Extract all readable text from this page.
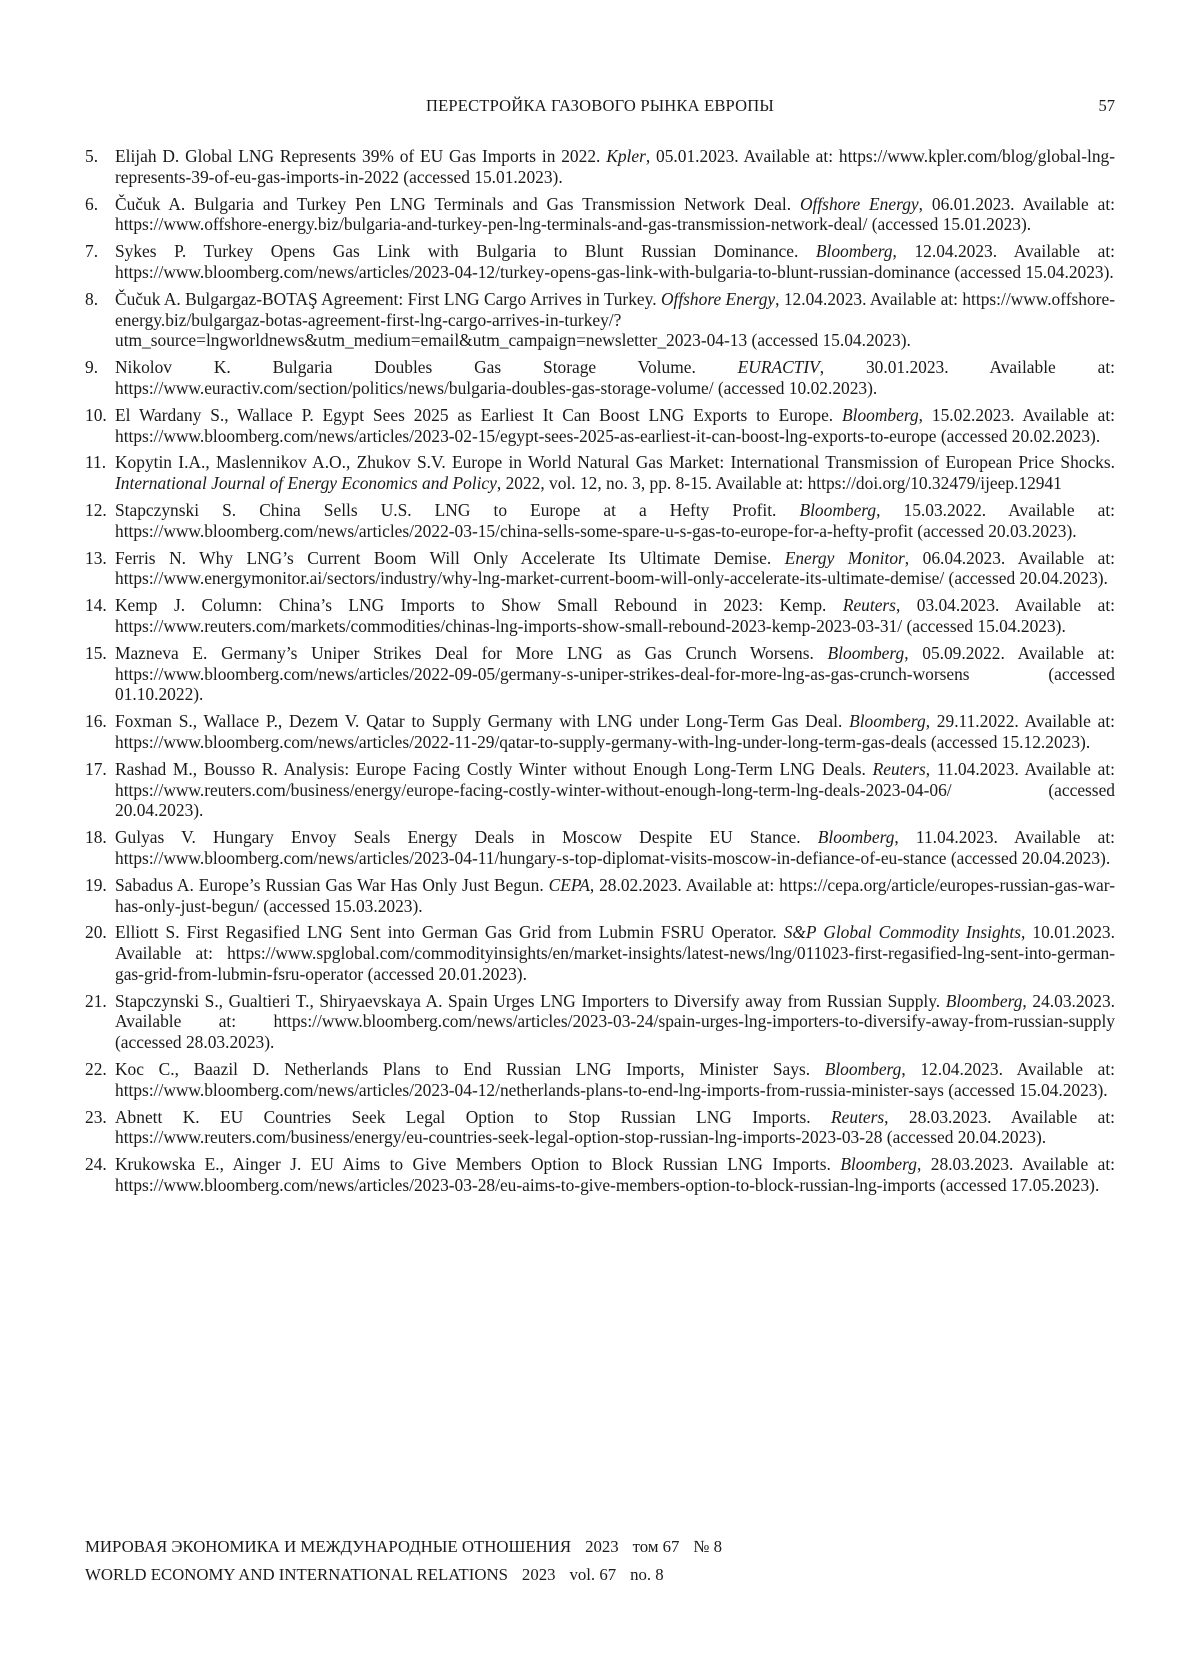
ПЕРЕСТРОЙКА ГАЗОВОГО РЫНКА ЕВРОПЫ	57
5. Elijah D. Global LNG Represents 39% of EU Gas Imports in 2022. Kpler, 05.01.2023. Available at: https://www.kpler.com/blog/global-lng-represents-39-of-eu-gas-imports-in-2022 (accessed 15.01.2023).
6. Čučuk A. Bulgaria and Turkey Pen LNG Terminals and Gas Transmission Network Deal. Offshore Energy, 06.01.2023. Available at: https://www.offshore-energy.biz/bulgaria-and-turkey-pen-lng-terminals-and-gas-transmission-network-deal/ (accessed 15.01.2023).
7. Sykes P. Turkey Opens Gas Link with Bulgaria to Blunt Russian Dominance. Bloomberg, 12.04.2023. Available at: https://www.bloomberg.com/news/articles/2023-04-12/turkey-opens-gas-link-with-bulgaria-to-blunt-russian-dominance (accessed 15.04.2023).
8. Čučuk A. Bulgargaz-BOTAŞ Agreement: First LNG Cargo Arrives in Turkey. Offshore Energy, 12.04.2023. Available at: https://www.offshore-energy.biz/bulgargaz-botas-agreement-first-lng-cargo-arrives-in-turkey/?utm_source=lngworldnews&utm_medium=email&utm_campaign=newsletter_2023-04-13 (accessed 15.04.2023).
9. Nikolov K. Bulgaria Doubles Gas Storage Volume. EURACTIV, 30.01.2023. Available at: https://www.euractiv.com/section/politics/news/bulgaria-doubles-gas-storage-volume/ (accessed 10.02.2023).
10. El Wardany S., Wallace P. Egypt Sees 2025 as Earliest It Can Boost LNG Exports to Europe. Bloomberg, 15.02.2023. Available at: https://www.bloomberg.com/news/articles/2023-02-15/egypt-sees-2025-as-earliest-it-can-boost-lng-exports-to-europe (accessed 20.02.2023).
11. Kopytin I.A., Maslennikov A.O., Zhukov S.V. Europe in World Natural Gas Market: International Transmission of European Price Shocks. International Journal of Energy Economics and Policy, 2022, vol. 12, no. 3, pp. 8-15. Available at: https://doi.org/10.32479/ijeep.12941
12. Stapczynski S. China Sells U.S. LNG to Europe at a Hefty Profit. Bloomberg, 15.03.2022. Available at: https://www.bloomberg.com/news/articles/2022-03-15/china-sells-some-spare-u-s-gas-to-europe-for-a-hefty-profit (accessed 20.03.2023).
13. Ferris N. Why LNG’s Current Boom Will Only Accelerate Its Ultimate Demise. Energy Monitor, 06.04.2023. Available at: https://www.energymonitor.ai/sectors/industry/why-lng-market-current-boom-will-only-accelerate-its-ultimate-demise/ (accessed 20.04.2023).
14. Kemp J. Column: China’s LNG Imports to Show Small Rebound in 2023: Kemp. Reuters, 03.04.2023. Available at: https://www.reuters.com/markets/commodities/chinas-lng-imports-show-small-rebound-2023-kemp-2023-03-31/ (accessed 15.04.2023).
15. Mazneva E. Germany’s Uniper Strikes Deal for More LNG as Gas Crunch Worsens. Bloomberg, 05.09.2022. Available at: https://www.bloomberg.com/news/articles/2022-09-05/germany-s-uniper-strikes-deal-for-more-lng-as-gas-crunch-worsens (accessed 01.10.2022).
16. Foxman S., Wallace P., Dezem V. Qatar to Supply Germany with LNG under Long-Term Gas Deal. Bloomberg, 29.11.2022. Available at: https://www.bloomberg.com/news/articles/2022-11-29/qatar-to-supply-germany-with-lng-under-long-term-gas-deals (accessed 15.12.2023).
17. Rashad M., Bousso R. Analysis: Europe Facing Costly Winter without Enough Long-Term LNG Deals. Reuters, 11.04.2023. Available at: https://www.reuters.com/business/energy/europe-facing-costly-winter-without-enough-long-term-lng-deals-2023-04-06/ (accessed 20.04.2023).
18. Gulyas V. Hungary Envoy Seals Energy Deals in Moscow Despite EU Stance. Bloomberg, 11.04.2023. Available at: https://www.bloomberg.com/news/articles/2023-04-11/hungary-s-top-diplomat-visits-moscow-in-defiance-of-eu-stance (accessed 20.04.2023).
19. Sabadus A. Europe’s Russian Gas War Has Only Just Begun. CEPA, 28.02.2023. Available at: https://cepa.org/article/europes-russian-gas-war-has-only-just-begun/ (accessed 15.03.2023).
20. Elliott S. First Regasified LNG Sent into German Gas Grid from Lubmin FSRU Operator. S&P Global Commodity Insights, 10.01.2023. Available at: https://www.spglobal.com/commodityinsights/en/market-insights/latest-news/lng/011023-first-regasified-lng-sent-into-german-gas-grid-from-lubmin-fsru-operator (accessed 20.01.2023).
21. Stapczynski S., Gualtieri T., Shiryaevskaya A. Spain Urges LNG Importers to Diversify away from Russian Supply. Bloomberg, 24.03.2023. Available at: https://www.bloomberg.com/news/articles/2023-03-24/spain-urges-lng-importers-to-diversify-away-from-russian-supply (accessed 28.03.2023).
22. Koc C., Baazil D. Netherlands Plans to End Russian LNG Imports, Minister Says. Bloomberg, 12.04.2023. Available at: https://www.bloomberg.com/news/articles/2023-04-12/netherlands-plans-to-end-lng-imports-from-russia-minister-says (accessed 15.04.2023).
23. Abnett K. EU Countries Seek Legal Option to Stop Russian LNG Imports. Reuters, 28.03.2023. Available at: https://www.reuters.com/business/energy/eu-countries-seek-legal-option-stop-russian-lng-imports-2023-03-28 (accessed 20.04.2023).
24. Krukowska E., Ainger J. EU Aims to Give Members Option to Block Russian LNG Imports. Bloomberg, 28.03.2023. Available at: https://www.bloomberg.com/news/articles/2023-03-28/eu-aims-to-give-members-option-to-block-russian-lng-imports (accessed 17.05.2023).
МИРОВАЯ ЭКОНОМИКА И МЕЖДУНАРОДНЫЕ ОТНОШЕНИЯ 2023 том 67 № 8
WORLD ECONOMY AND INTERNATIONAL RELATIONS 2023 vol. 67 no. 8
